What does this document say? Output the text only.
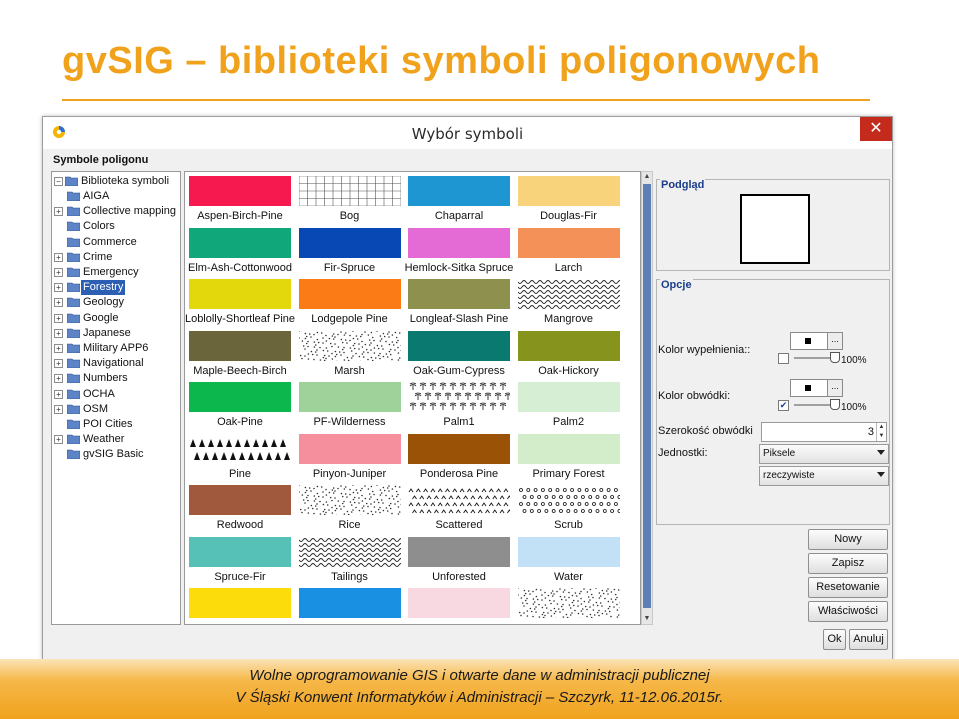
gvSIG – biblioteki symboli poligonowych
Wybór symboli	✕
Symbole poligonu
− Biblioteka symboli
AIGA
+ Collective mapping
Colors
Commerce
+ Crime
+ Emergency
+ Forestry
+ Geology
+ Google
+ Japanese
+ Military APP6
+ Navigational
+ Numbers
+ OCHA
+ OSM
POI Cities
+ Weather
gvSIG Basic
Aspen-Birch-Pine	Bog	Chaparral	Douglas-Fir
Elm-Ash-Cottonwood	Fir-Spruce	Hemlock-Sitka Spruce	Larch
Loblolly-Shortleaf Pine	Lodgepole Pine	Longleaf-Slash Pine	Mangrove
Maple-Beech-Birch	Marsh	Oak-Gum-Cypress	Oak-Hickory
Oak-Pine	PF-Wilderness	Palm1	Palm2
Pine	Pinyon-Juniper	Ponderosa Pine	Primary Forest
Redwood	Rice	Scattered	Scrub
Spruce-Fir	Tailings	Unforested	Water
▲
▼
Podgląd
Opcje
Kolor wypełnienia::
...
100%
Kolor obwódki:
...
✔	100%
Szerokość obwódki	3 ▲
▼
Jednostki:	Piksele
rzeczywiste
Nowy
Zapisz
Resetowanie
Właściwości
Ok	Anuluj
Wolne oprogramowanie GIS i otwarte dane w administracji publicznej
V Śląski Konwent Informatyków i Administracji – Szczyrk, 11-12.06.2015r.
